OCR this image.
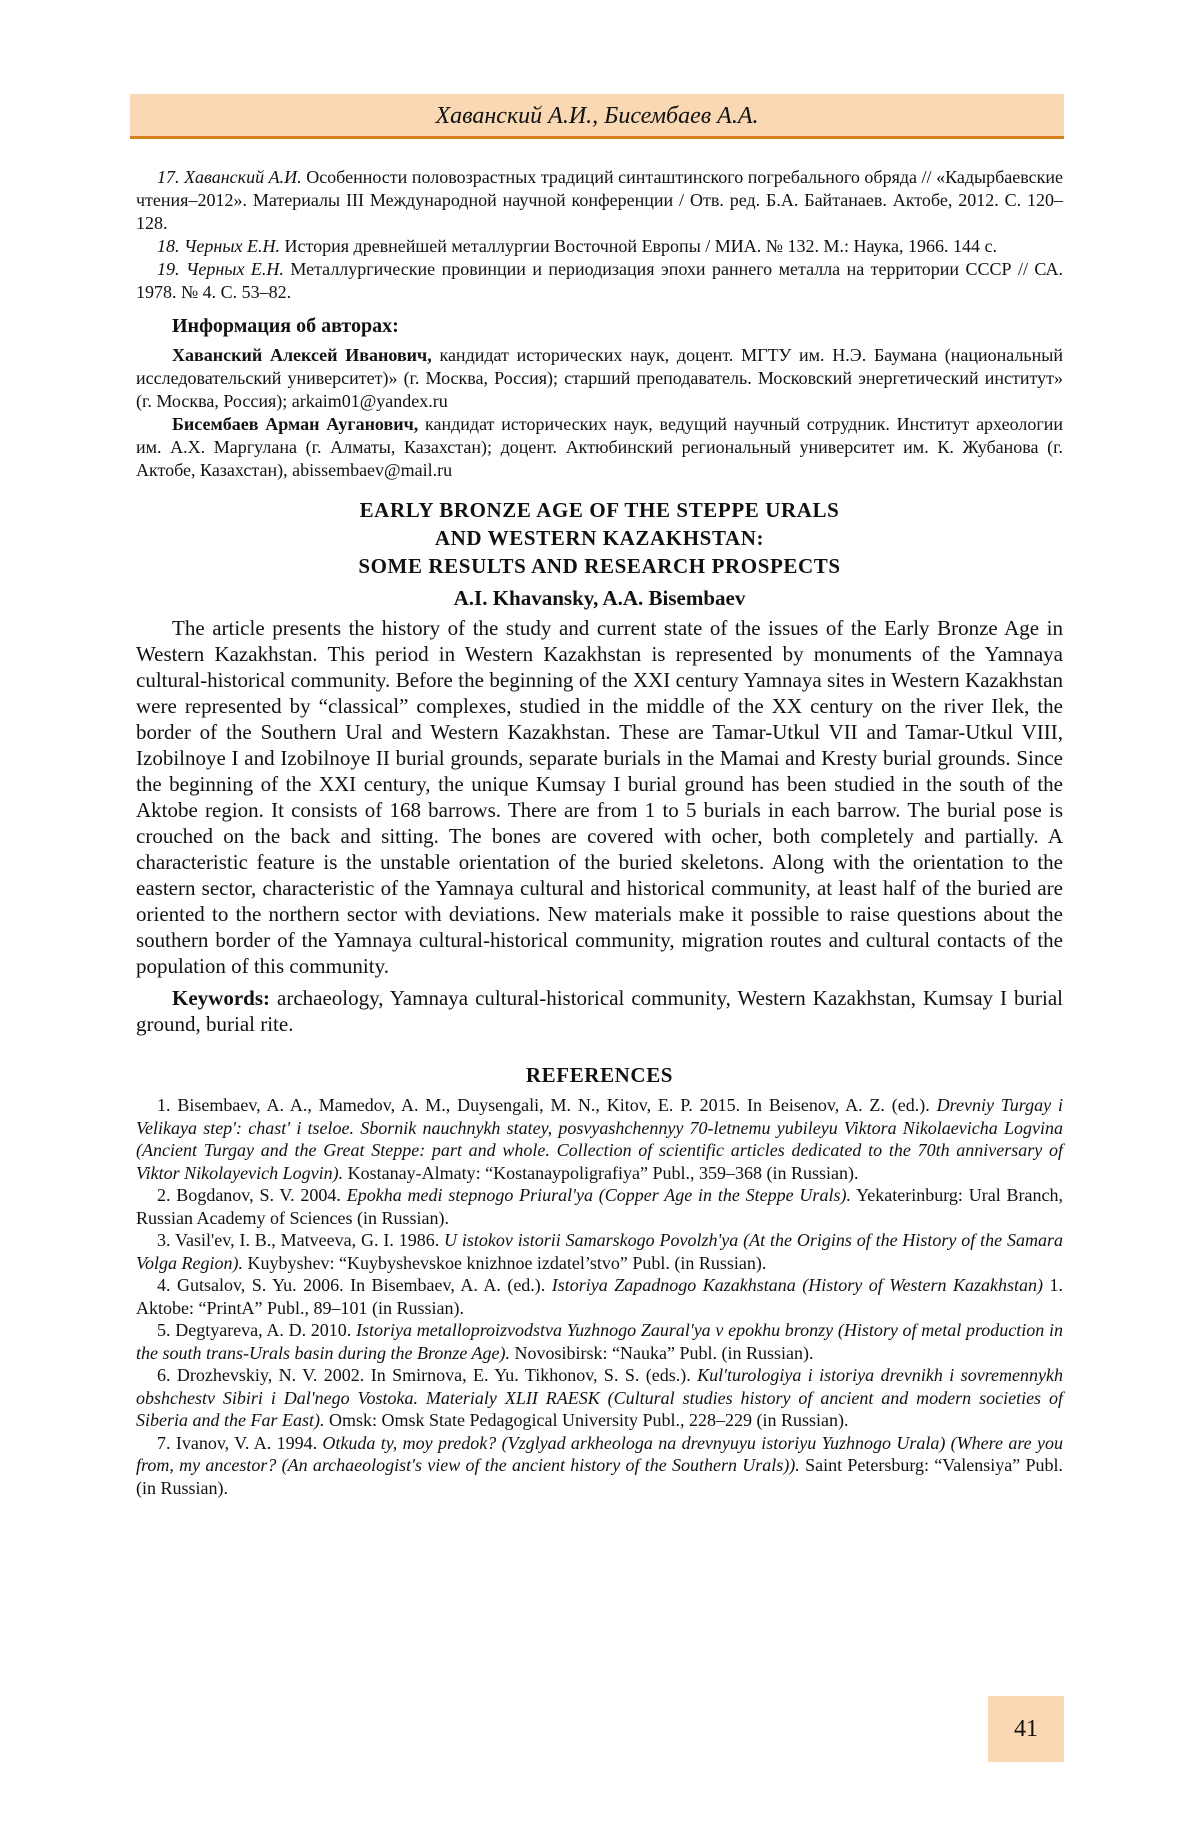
Хаванский А.И., Бисембаев А.А.

17. Хаванский А.И. Особенности половозрастных традиций синташтинского погребального обряда // «Кадырбаевские чтения–2012». Материалы III Международной научной конференции / Отв. ред. Б.А. Байтанаев. Актобе, 2012. С. 120–128.

18. Черных Е.Н. История древнейшей металлургии Восточной Европы / МИА. № 132. М.: Наука, 1966. 144 с.

19. Черных Е.Н. Металлургические провинции и периодизация эпохи раннего металла на территории СССР // СА. 1978. № 4. С. 53–82.

Информация об авторах:

Хаванский Алексей Иванович, кандидат исторических наук, доцент. МГТУ им. Н.Э. Баумана (национальный исследовательский университет)» (г. Москва, Россия); старший преподаватель. Московский энергетический институт» (г. Москва, Россия); arkaim01@yandex.ru

Бисембаев Арман Ауганович, кандидат исторических наук, ведущий научный сотрудник. Институт археологии им. А.Х. Маргулана (г. Алматы, Казахстан); доцент. Актюбинский региональный университет им. К. Жубанова (г. Актобе, Казахстан), abissembaev@mail.ru

EARLY BRONZE AGE OF THE STEPPE URALS
AND WESTERN KAZAKHSTAN:
SOME RESULTS AND RESEARCH PROSPECTS
A.I. Khavansky, A.A. Bisembaev

The article presents the history of the study and current state of the issues of the Early Bronze Age in Western Kazakhstan. This period in Western Kazakhstan is represented by monuments of the Yamnaya cultural-historical community. Before the beginning of the XXI century Yamnaya sites in Western Kazakhstan were represented by “classical” complexes, studied in the middle of the XX century on the river Ilek, the border of the Southern Ural and Western Kazakhstan. These are Tamar-Utkul VII and Tamar-Utkul VIII, Izobilnoye I and Izobilnoye II burial grounds, separate burials in the Mamai and Kresty burial grounds. Since the beginning of the XXI century, the unique Kumsay I burial ground has been studied in the south of the Aktobe region. It consists of 168 barrows. There are from 1 to 5 burials in each barrow. The burial pose is crouched on the back and sitting. The bones are covered with ocher, both completely and partially. A characteristic feature is the unstable orientation of the buried skeletons. Along with the orientation to the eastern sector, characteristic of the Yamnaya cultural and historical community, at least half of the buried are oriented to the northern sector with deviations. New materials make it possible to raise questions about the southern border of the Yamnaya cultural-historical community, migration routes and cultural contacts of the population of this community.

Keywords: archaeology, Yamnaya cultural-historical community, Western Kazakhstan, Kumsay I burial ground, burial rite.

REFERENCES

1. Bisembaev, A. A., Mamedov, A. M., Duysengali, M. N., Kitov, E. P. 2015. In Beisenov, A. Z. (ed.). Drevniy Turgay i Velikaya step': chast' i tseloe. Sbornik nauchnykh statey, posvyashchennyy 70-letnemu yubileyu Viktora Nikolaevicha Logvina (Ancient Turgay and the Great Steppe: part and whole. Collection of scientific articles dedicated to the 70th anniversary of Viktor Nikolayevich Logvin). Kostanay-Almaty: “Kostanaypoligrafiya” Publ., 359–368 (in Russian).

2. Bogdanov, S. V. 2004. Epokha medi stepnogo Priural'ya (Copper Age in the Steppe Urals). Yekaterinburg: Ural Branch, Russian Academy of Sciences (in Russian).

3. Vasil'ev, I. B., Matveeva, G. I. 1986. U istokov istorii Samarskogo Povolzh'ya (At the Origins of the History of the Samara Volga Region). Kuybyshev: “Kuybyshevskoe knizhnoe izdatel’stvo” Publ. (in Russian).

4. Gutsalov, S. Yu. 2006. In Bisembaev, A. A. (ed.). Istoriya Zapadnogo Kazakhstana (History of Western Kazakhstan) 1. Aktobe: “PrintA” Publ., 89–101 (in Russian).

5. Degtyareva, A. D. 2010. Istoriya metalloproizvodstva Yuzhnogo Zaural'ya v epokhu bronzy (History of metal production in the south trans-Urals basin during the Bronze Age). Novosibirsk: “Nauka” Publ. (in Russian).

6. Drozhevskiy, N. V. 2002. In Smirnova, E. Yu. Tikhonov, S. S. (eds.). Kul'turologiya i istoriya drevnikh i sovremennykh obshchestv Sibiri i Dal'nego Vostoka. Materialy XLII RAESK (Cultural studies history of ancient and modern societies of Siberia and the Far East). Omsk: Omsk State Pedagogical University Publ., 228–229 (in Russian).

7. Ivanov, V. A. 1994. Otkuda ty, moy predok? (Vzglyad arkheologa na drevnyuyu istoriyu Yuzhnogo Urala) (Where are you from, my ancestor? (An archaeologist's view of the ancient history of the Southern Urals)). Saint Petersburg: “Valensiya” Publ. (in Russian).

41
